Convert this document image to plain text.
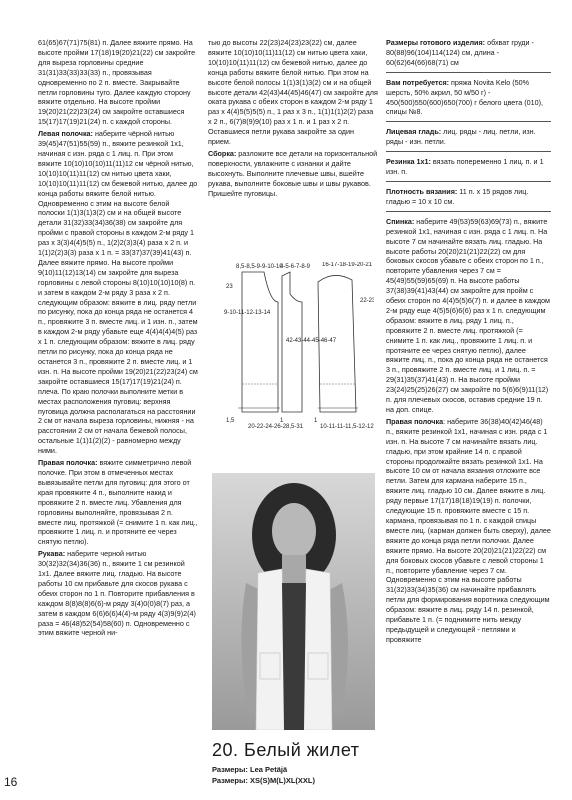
61(65)67(71)75(81) п. Далее вяжите прямо. На высоте пройми 17(18)19(20)21(22) см закройте для выреза горловины средние 31(31)33(33)33(33) п., провязывая одновременно по 2 п. вместе. Закрывайте петли горловины туго. Далее каждую сторону вяжите отдельно. На высоте пройми 19(20)21(22)23(24) см закройте оставшиеся 15(17)17(19)21(24) п. с каждой стороны.

Левая полочка: наберите чёрной нитью 39(45)47(51)55(59) п., вяжите резинкой 1х1, начиная с изн. ряда с 1 лиц. п. При этом вяжите 10(10)10(10)11(11)12 см чёрной нитью, 10(10)10(11)11(12) см нитью цвета хаки, 10(10)10(11)11(12) см бежевой нитью, далее до конца работы вяжите белой нитью. Одновременно с этим на высоте белой полоски 1(1)3(1)3(2) см и на общей высоте детали 31(32)33(34)36(38) см закройте для пройми с правой стороны в каждом 2-м ряду 1 раз х 3(3)4(4)5(5) п., 1(2)2(3)3(4) раза х 2 п. и 1(1)2(2)3(3) раза х 1 п. = 33(37)37(39)41(43) п. Далее вяжите прямо. На высоте пройми 9(10)11(12)13(14) см закройте для выреза горловины с левой стороны 8(10)10(10)10(8) п. и затем в каждом 2-м ряду 3 раза х 2 п. следующим образом: вяжите в лиц. ряду петли по рисунку, пока до конца ряда не останется 4 п., провяжите 3 п. вместе лиц. и 1 изн. п., затем в каждом 2-м ряду убавьте еще 4(4)4(4)4(5) раз х 1 п. следующим образом: вяжите в лиц. ряду петли по рисунку, пока до конца ряда не останется 3 п., провяжите 2 п. вместе лиц. и 1 изн. п. На высоте пройми 19(20)21(22)23(24) см закройте оставшиеся 15(17)17(19)21(24) п. плеча. По краю полочки выполните метки в местах расположения пуговиц: верхняя пуговица должна располагаться на расстоянии 2 см от начала выреза горловины, нижняя - на расстоянии 2 см от начала бежевой полосы, остальные 1(1)1(2)(2) - равномерно между ними.

Правая полочка: вяжите симметрично левой полочке. При этом в отмеченных местах вывязывайте петли для пуговиц: для этого от края провяжите 4 п., выполните накид и провяжите 2 п. вместе лиц. Убавления для горловины выполняйте, провязывая 2 п. вместе лиц. протяжкой (= снимите 1 п. как лиц., провяжите 1 лиц. п. и протяните ее через снятую петлю).

Рукава: наберите черной нитью 30(32)32(34)36(36) п., вяжите 1 см резинкой 1х1. Далее вяжите лиц. гладью. На высоте работы 10 см прибавьте для скосов рукава с обеих сторон по 1 п. Повторите прибавления в каждом 8(8)8(8)6(6)-м ряду 3(4)0(0)8(7) раз, а затем в каждом 6(6)6(6)4(4)-м ряду 4(3)9(9)2(4) раза = 46(48)52(54)58(60) п. Одновременно с этим вяжите черной ни-

тью до высоты 22(23)24(23)23(22) см, далее вяжите 10(10)10(11)11(12) см нитью цвета хаки, 10(10)10(11)11(12) см бежевой нитью, далее до конца работы вяжите белой нитью. При этом на высоте белой полосы 1(1)3(1)3(2) см и на общей высоте детали 42(43)44(45)46(47) см закройте для оката рукава с обеих сторон в каждом 2-м ряду 1 раз х 4(4)5(5)5(5) п., 1 раз х 3 п., 1(1)1(1)2(2) раза х 2 п., 6(7)8(9)9(10) раз х 1 п. и 1 раз х 2 п. Оставшиеся петли рукава закройте за один прием.

Сборка: разложите все детали на горизонтальной поверхности, увлажните с изнанки и дайте высохнуть. Выполните плечевые швы, вшейте рукава, выполните боковые швы и швы рукавов. Пришейте пуговицы.

8,5-8,5-9-9-10-10
4-5-6-7-8-9 16-17-18-19-20-21
23
9-10-11-12-13-14
42-43-44-45-46-47
22-23
1,5	1
20-22-24-26-28,5-31	10-11-11-11,5-12-12
1
20. Белый жилет
Размеры: Lea Petäjä
Размеры: XS(S)M(L)XL(XXL)

Размеры готового изделия: обхват груди - 80(88)96(104)114(124) см, длина - 60(62)64(66)68(71) см

Вам потребуется: пряжа Novita Kelo (50% шерсть, 50% акрил, 50 м/50 г) - 450(500)550(600)650(700) г белого цвета (010), спицы №8.

Лицевая гладь: лиц. ряды - лиц. петли, изн. ряды - изн. петли.

Резинка 1х1: вязать попеременно 1 лиц. п. и 1 изн. п.

Плотность вязания: 11 п. х 15 рядов лиц. гладью = 10 х 10 см.

Спинка: наберите 49(53)59(63)69(73) п., вяжите резинкой 1х1, начиная с изн. ряда с 1 лиц. п. На высоте 7 см начинайте вязать лиц. гладью. На высоте работы 20(20)21(21)22(22) см для боковых скосов убавьте с обеих сторон по 1 п., повторите убавления через 7 см = 45(49)55(59)65(69) п. На высоте работы 37(38)39(41)43(44) см закройте для пройм с обеих сторон по 4(4)5(5)6(7) п. и далее в каждом 2-м ряду еще 4(5)5(6)6(6) раз х 1 п. следующим образом: вяжите в лиц. ряду 1 лиц. п., провяжите 2 п. вместе лиц. протяжкой (= снимите 1 п. как лиц., провяжите 1 лиц. п. и протяните ее через снятую петлю), далее вяжите лиц. п., пока до конца ряда не останется 3 п., провяжите 2 п. вместе лиц. и 1 лиц. п. = 29(31)35(37)41(43) п. На высоте пройми 23(24)25(25)26(27) см закройте по 5(6)6(9)11(12) п. для плечевых скосов, оставив средние 19 п. на доп. спице.

Правая полочка: наберите 36(38)40(42)46(48) п., вяжите резинкой 1х1, начиная с изн. ряда с 1 изн. п. На высоте 7 см начинайте вязать лиц. гладью, при этом крайние 14 п. с правой стороны продолжайте вязать резинкой 1х1. На высоте 10 см от начала вязания отложите все петли. Затем для кармана наберите 15 п., вяжите лиц. гладью 10 см. Далее вяжите в лиц. ряду первые 17(17)18(18)19(19) п. полочки, следующие 15 п. провяжите вместе с 15 п. кармана, провязывая по 1 п. с каждой спицы вместе лиц. (карман должен быть сверху), далее вяжите до конца ряда петли полочки. Далее вяжите прямо. На высоте 20(20)21(21)22(22) см для боковых скосов убавьте с левой стороны 1 п., повторите убавление через 7 см. Одновременно с этим на высоте работы 31(32)33(34)35(36) см начинайте прибавлять петли для формирования воротника следующим образом: вяжите в лиц. ряду 14 п. резинкой, прибавьте 1 п. (= поднимите нить между предыдущей и следующей - петлями и провяжите

16
